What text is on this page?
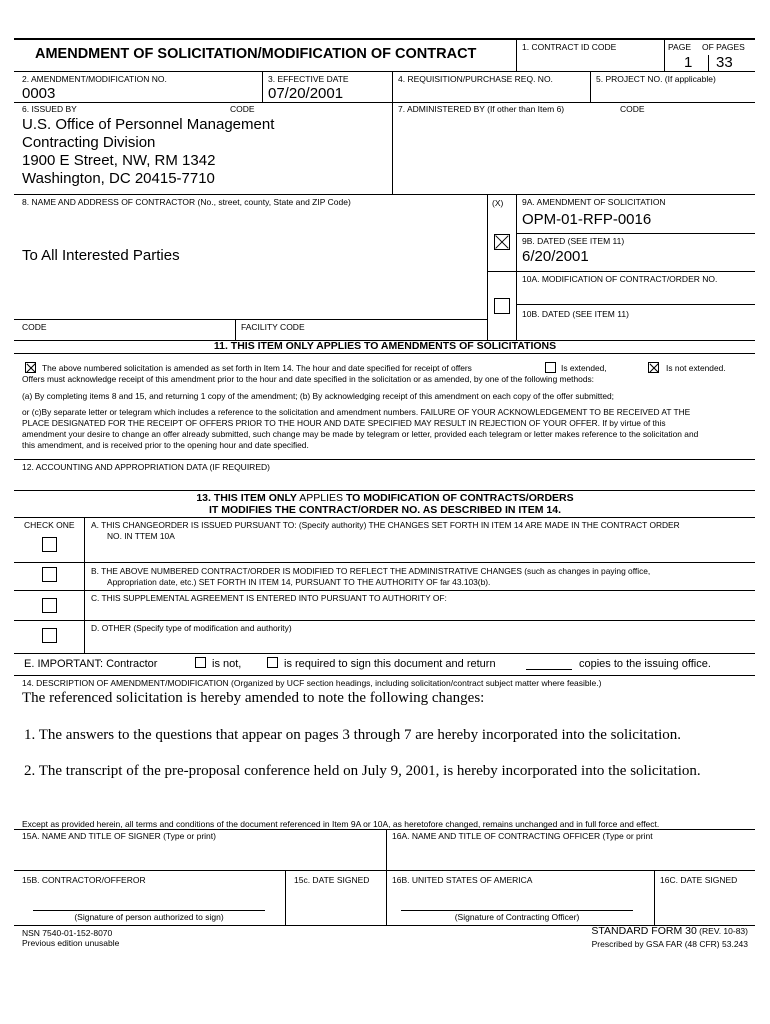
AMENDMENT OF SOLICITATION/MODIFICATION OF CONTRACT	1. CONTRACT ID CODE	PAGE OF PAGES
1 33
2. AMENDMENT/MODIFICATION NO.
0003
3. EFFECTIVE DATE
07/20/2001
4. REQUISITION/PURCHASE REQ. NO.	5. PROJECT NO. (If applicable)
6. ISSUED BY	CODE
U.S. Office of Personnel Management
Contracting Division
1900 E Street, NW, RM 1342
Washington, DC 20415-7710
7. ADMINISTERED BY (If other than Item 6)	CODE
8. NAME AND ADDRESS OF CONTRACTOR (No., street, county, State and ZIP Code)
To All Interested Parties
CODE	FACILITY CODE
(X) 9A. AMENDMENT OF SOLICITATION
OPM-01-RFP-0016
9B. DATED (SEE ITEM 11)
6/20/2001
10A. MODIFICATION OF CONTRACT/ORDER NO.
10B. DATED (SEE ITEM 11)
11. THIS ITEM ONLY APPLIES TO AMENDMENTS OF SOLICITATIONS
The above numbered solicitation is amended as set forth in Item 14. The hour and date specified for receipt of offers	Is extended,	Is not extended.
Offers must acknowledge receipt of this amendment prior to the hour and date specified in the solicitation or as amended, by one of the following methods:
(a) By completing items 8 and 15, and returning 1 copy of the amendment; (b) By acknowledging receipt of this amendment on each copy of the offer submitted;
or (c)By separate letter or telegram which includes a reference to the solicitation and amendment numbers. FAILURE OF YOUR ACKNOWLEDGEMENT TO BE RECEIVED AT THE
PLACE DESIGNATED FOR THE RECEIPT OF OFFERS PRIOR TO THE HOUR AND DATE SPECIFIED MAY RESULT IN REJECTION OF YOUR OFFER. If by virtue of this
amendment your desire to change an offer already submitted, such change may be made by telegram or letter, provided each telegram or letter makes reference to the solicitation and
this amendment, and is received prior to the opening hour and date specified.
12. ACCOUNTING AND APPROPRIATION DATA (IF REQUIRED)
13. THIS ITEM ONLY APPLIES TO MODIFICATION OF CONTRACTS/ORDERS
IT MODIFIES THE CONTRACT/ORDER NO. AS DESCRIBED IN ITEM 14.
CHECK ONE A. THIS CHANGEORDER IS ISSUED PURSUANT TO: (Specify authority) THE CHANGES SET FORTH IN ITEM 14 ARE MADE IN THE CONTRACT ORDER
NO. IN TTEM 10A
B. THE ABOVE NUMBERED CONTRACT/ORDER IS MODIFIED TO REFLECT THE ADMINISTRATIVE CHANGES (such as changes in paying office,
Appropriation date, etc.) SET FORTH IN ITEM 14, PURSUANT TO THE AUTHORITY OF far 43.103(b).
C. THIS SUPPLEMENTAL AGREEMENT IS ENTERED INTO PURSUANT TO AUTHORITY OF:
D. OTHER (Specify type of modification and authority)
E. IMPORTANT: Contractor	is not,	is required to sign this document and return	copies to the issuing office.
14. DESCRIPTION OF AMENDMENT/MODIFICATION (Organized by UCF section headings, including solicitation/contract subject matter where feasible.)
The referenced solicitation is hereby amended to note the following changes:
1. The answers to the questions that appear on pages 3 through 7 are hereby incorporated into the solicitation.
2. The transcript of the pre-proposal conference held on July 9, 2001, is hereby incorporated into the solicitation.
Except as provided herein, all terms and conditions of the document referenced in Item 9A or 10A, as heretofore changed, remains unchanged and in full force and effect.
15A. NAME AND TITLE OF SIGNER (Type or print)	16A. NAME AND TITLE OF CONTRACTING OFFICER (Type or print
15B. CONTRACTOR/OFFEROR	15c. DATE SIGNED	16B. UNITED STATES OF AMERICA	16C. DATE SIGNED
(Signature of person authorized to sign)	(Signature of Contracting Officer)
NSN 7540-01-152-8070
Previous edition unusable
STANDARD FORM 30 (REV. 10-83)
Prescribed by GSA FAR (48 CFR) 53.243
